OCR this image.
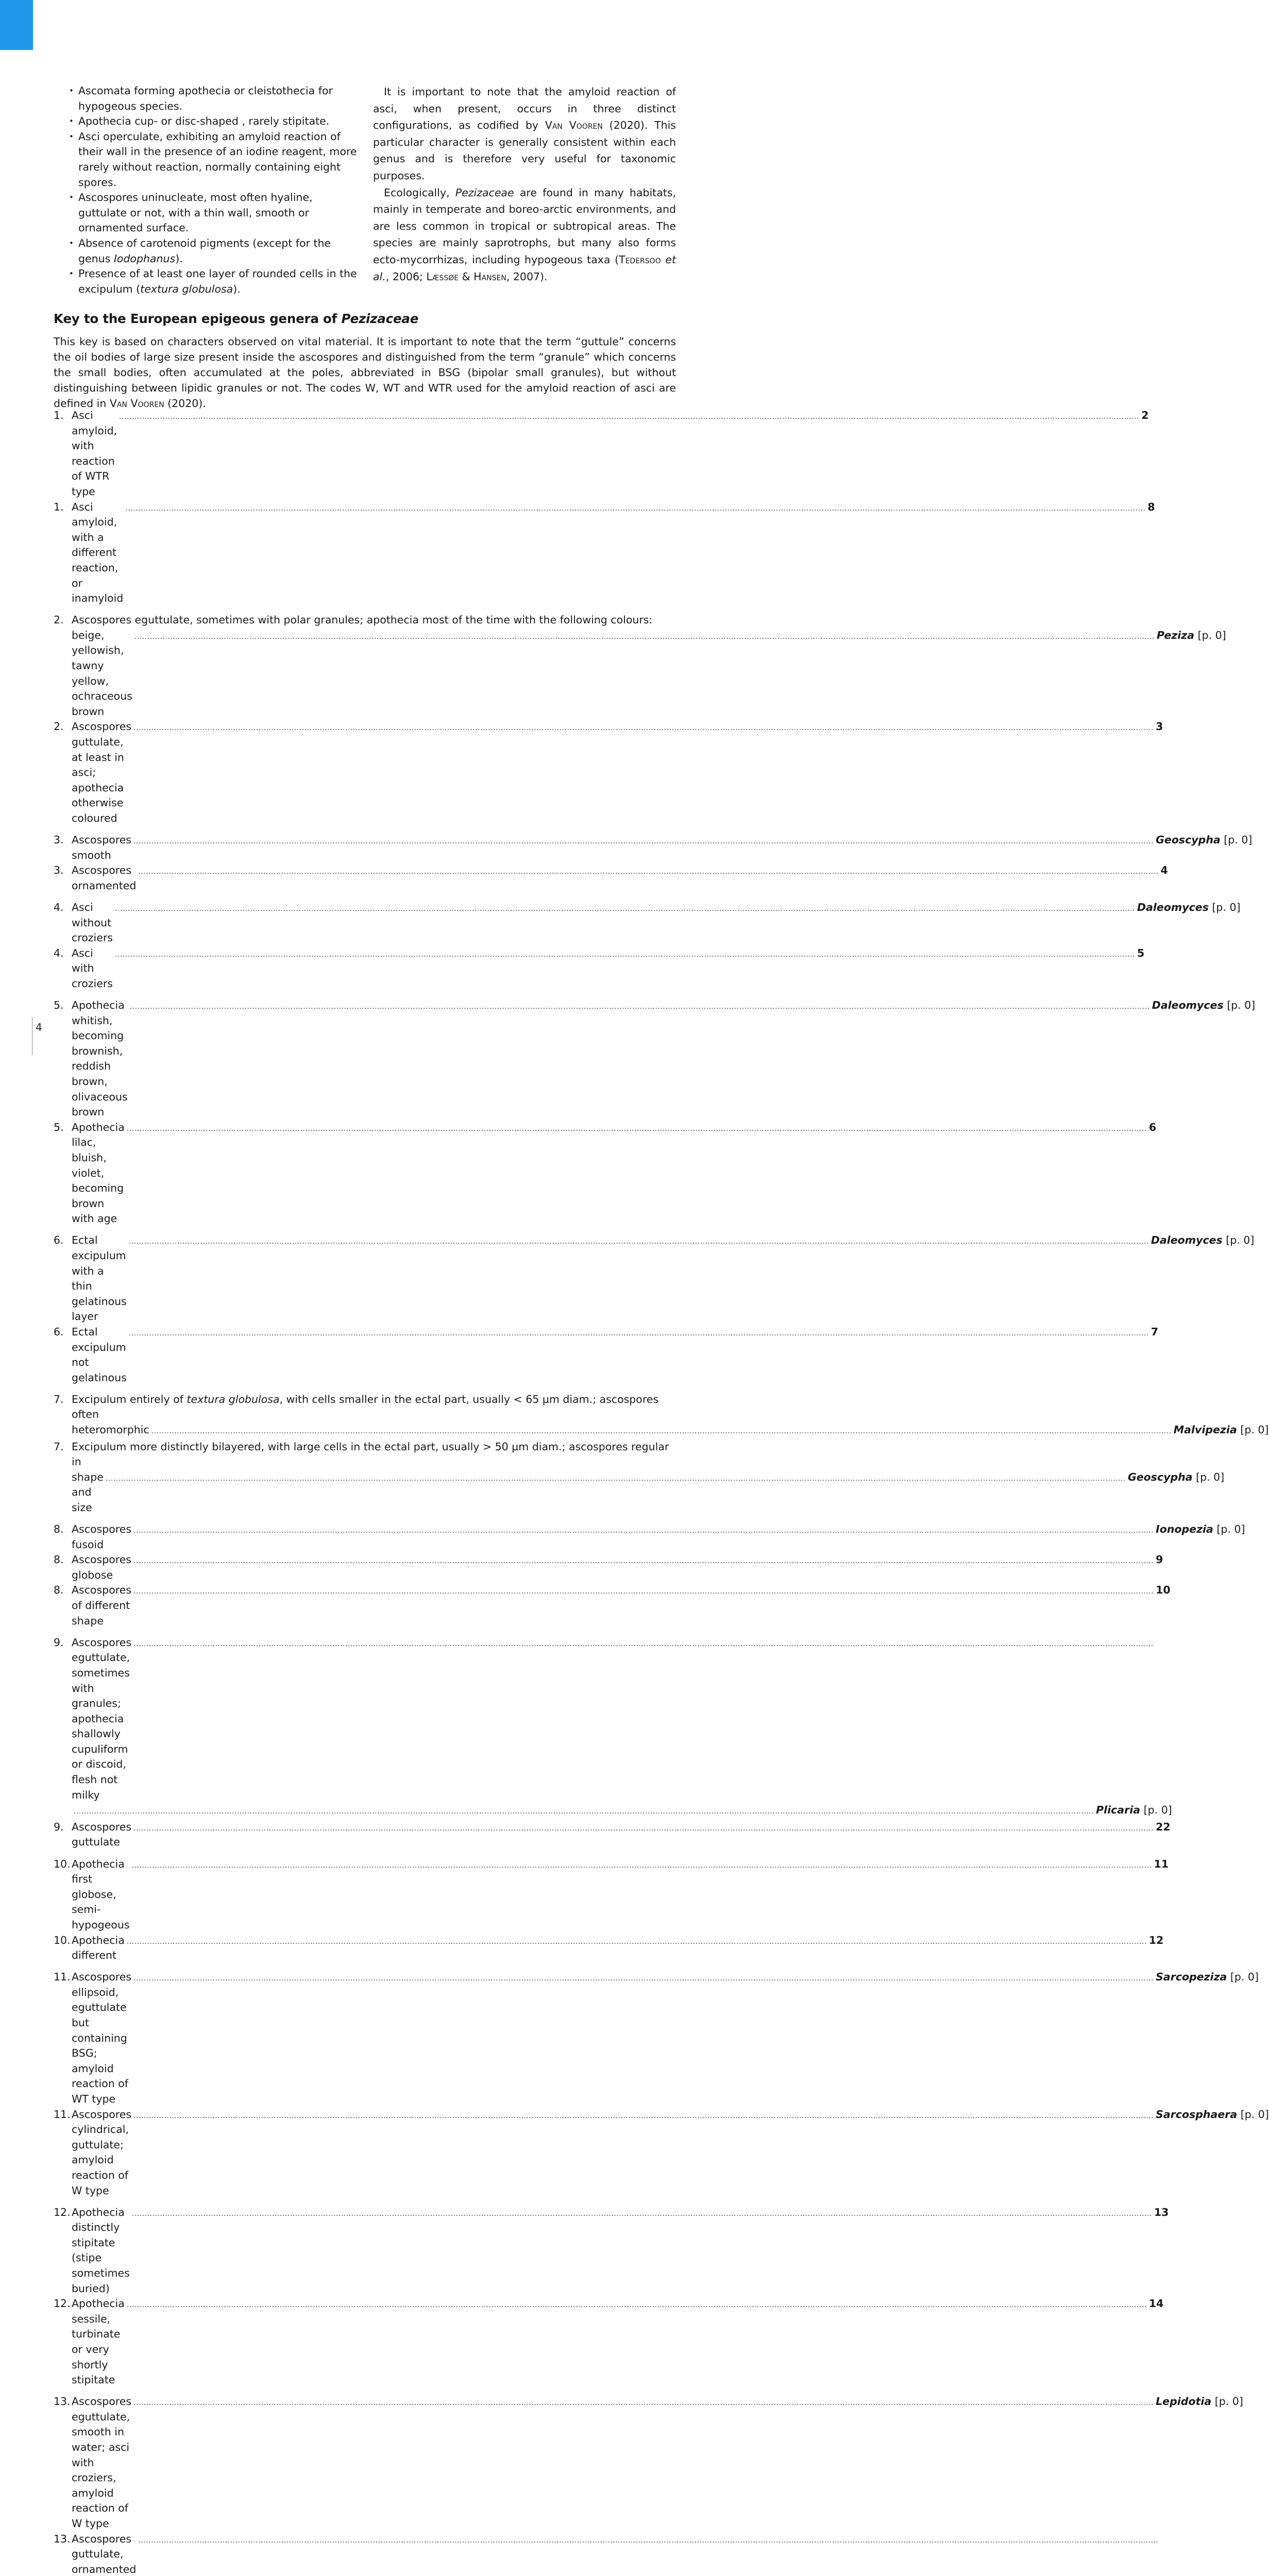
• Ascomata forming apothecia or cleistothecia for hypogeous species.
• Apothecia cup- or disc-shaped , rarely stipitate.
• Asci operculate, exhibiting an amyloid reaction of their wall in the presence of an iodine reagent, more rarely without reaction, normally containing eight spores.
• Ascospores uninucleate, most often hyaline, guttulate or not, with a thin wall, smooth or ornamented surface.
• Absence of carotenoid pigments (except for the genus Iodophanus).
• Presence of at least one layer of rounded cells in the excipulum (textura globulosa).

It is important to note that the amyloid reaction of asci, when present, occurs in three distinct configurations, as codified by Van Vooren (2020). This particular character is generally consistent within each genus and is therefore very useful for taxonomic purposes.

Ecologically, Pezizaceae are found in many habitats, mainly in temperate and boreo-arctic environments, and are less common in tropical or subtropical areas. The species are mainly saprotrophs, but many also forms ecto-mycorrhizas, including hypogeous taxa (Tedersoo et al., 2006; Læssøe & Hansen, 2007).

Key to the European epigeous genera of Pezizaceae

This key is based on characters observed on vital material. It is important to note that the term “guttule” concerns the oil bodies of large size present inside the ascospores and distinguished from the term “granule” which concerns the small bodies, often accumulated at the poles, abbreviated in BSG (bipolar small granules), but without distinguishing between lipidic granules or not. The codes W, WT and WTR used for the amyloid reaction of asci are defined in Van Vooren (2020).

1. Asci amyloid, with reaction of WTR type
................................................................................................................................................................................................................................................................................................................................................................................................................ 2
1. Asci amyloid, with a different reaction, or inamyloid
................................................................................................................................................................................................................................................................................................................................................................................................................ 8
2. Ascospores eguttulate, sometimes with polar granules; apothecia most of the time with the following colours:
beige, yellowish, tawny yellow, ochraceous brown
................................................................................................................................................................................................................................................................................................................................................................................................................ Peziza [p. 0]
2. Ascospores guttulate, at least in asci; apothecia otherwise coloured
................................................................................................................................................................................................................................................................................................................................................................................................................ 3
3. Ascospores smooth
................................................................................................................................................................................................................................................................................................................................................................................................................ Geoscypha [p. 0]
3. Ascospores ornamented
................................................................................................................................................................................................................................................................................................................................................................................................................ 4
4. Asci without croziers
................................................................................................................................................................................................................................................................................................................................................................................................................ Daleomyces [p. 0]
4. Asci with croziers
................................................................................................................................................................................................................................................................................................................................................................................................................ 5
5. Apothecia whitish, becoming brownish, reddish brown, olivaceous brown
................................................................................................................................................................................................................................................................................................................................................................................................................ Daleomyces [p. 0]
5. Apothecia lilac, bluish, violet, becoming brown with age
................................................................................................................................................................................................................................................................................................................................................................................................................ 6
6. Ectal excipulum with a thin gelatinous layer
................................................................................................................................................................................................................................................................................................................................................................................................................ Daleomyces [p. 0]
6. Ectal excipulum not gelatinous
................................................................................................................................................................................................................................................................................................................................................................................................................ 7
7. Excipulum entirely of textura globulosa, with cells smaller in the ectal part, usually < 65 µm diam.; ascospores often
heteromorphic ................................................................................................................................................................................................................................................................................................................................................................................................................ Malvipezia [p. 0]
7. Excipulum more distinctly bilayered, with large cells in the ectal part, usually > 50 µm diam.; ascospores regular in
shape and size
................................................................................................................................................................................................................................................................................................................................................................................................................ Geoscypha [p. 0]
8. Ascospores fusoid
................................................................................................................................................................................................................................................................................................................................................................................................................ Ionopezia [p. 0]
8. Ascospores globose
................................................................................................................................................................................................................................................................................................................................................................................................................ 9
8. Ascospores of different shape
................................................................................................................................................................................................................................................................................................................................................................................................................ 10
9. Ascospores eguttulate, sometimes with granules; apothecia shallowly cupuliform or discoid, flesh not milky
................................................................................................................................................................................................................................................................................................................................................................................................................
................................................................................................................................................................................................................................................................................................................................................................................................................ Plicaria [p. 0]
9. Ascospores guttulate
................................................................................................................................................................................................................................................................................................................................................................................................................ 22
10. Apothecia first globose, semi-hypogeous
................................................................................................................................................................................................................................................................................................................................................................................................................ 11
10. Apothecia different
................................................................................................................................................................................................................................................................................................................................................................................................................ 12
11. Ascospores ellipsoid, eguttulate but containing BSG; amyloid reaction of WT type
................................................................................................................................................................................................................................................................................................................................................................................................................ Sarcopeziza [p. 0]
11. Ascospores cylindrical, guttulate; amyloid reaction of W type
................................................................................................................................................................................................................................................................................................................................................................................................................ Sarcosphaera [p. 0]
12. Apothecia distinctly stipitate (stipe sometimes buried)
................................................................................................................................................................................................................................................................................................................................................................................................................ 13
12. Apothecia sessile, turbinate or very shortly stipitate
................................................................................................................................................................................................................................................................................................................................................................................................................ 14
13. Ascospores eguttulate, smooth in water; asci with croziers, amyloid reaction of W type
................................................................................................................................................................................................................................................................................................................................................................................................................ Lepidotia [p. 0]
13. Ascospores guttulate, ornamented
................................................................................................................................................................................................................................................................................................................................................................................................................
4
